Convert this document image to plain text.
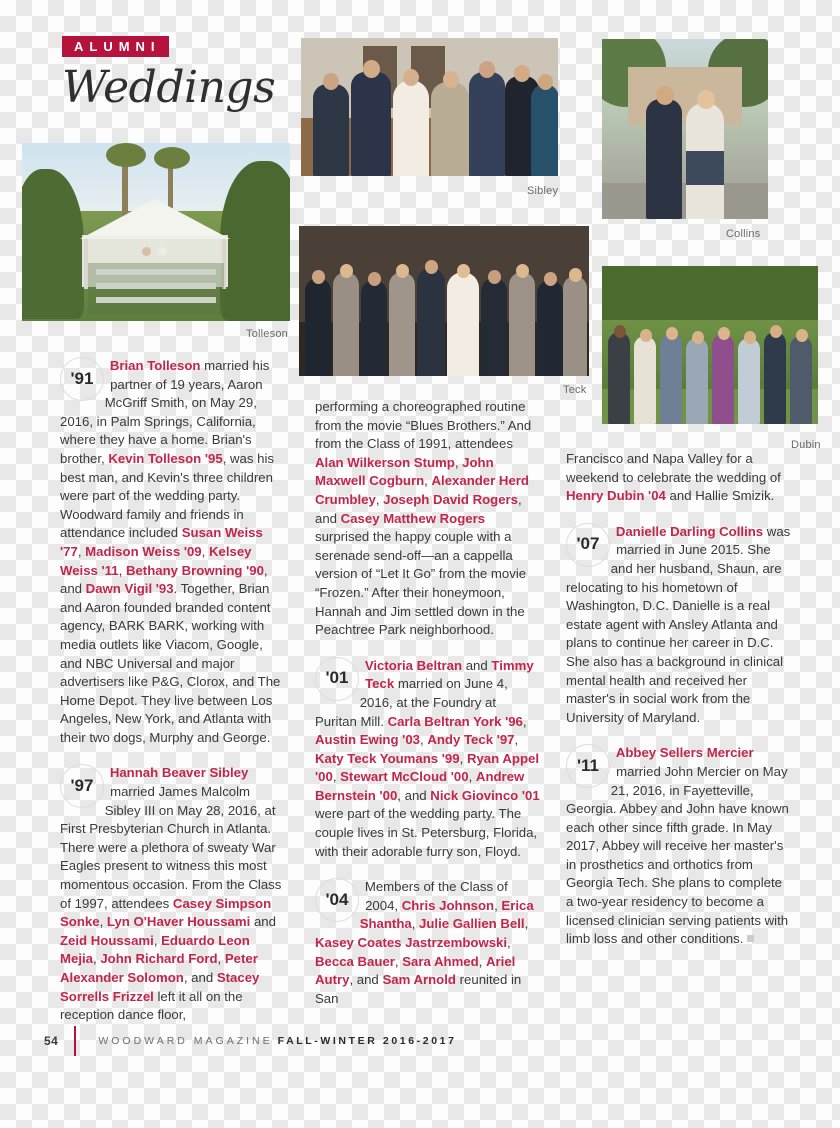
ALUMNI
Weddings
Tolleson
Sibley
Collins
Teck
Dubin
'91

Brian Tolleson married his partner of 19 years, Aaron McGriff Smith, on May 29, 2016, in Palm Springs, California, where they have a home. Brian's brother, Kevin Tolleson '95, was his best man, and Kevin's three children were part of the wedding party. Woodward family and friends in attendance included Susan Weiss '77, Madison Weiss '09, Kelsey Weiss '11, Bethany Browning '90, and Dawn Vigil '93. Together, Brian and Aaron founded branded content agency, BARK BARK, working with media outlets like Viacom, Google, and NBC Universal and major advertisers like P&G, Clorox, and The Home Depot. They live between Los Angeles, New York, and Atlanta with their two dogs, Murphy and George.

'97

Hannah Beaver Sibley married James Malcolm Sibley III on May 28, 2016, at First Presbyterian Church in Atlanta. There were a plethora of sweaty War Eagles present to witness this most momentous occasion. From the Class of 1997, attendees Casey Simpson Sonke, Lyn O'Haver Houssami and Zeid Houssami, Eduardo Leon Mejia, John Richard Ford, Peter Alexander Solomon, and Stacey Sorrells Frizzel left it all on the reception dance floor,

performing a choreographed routine from the movie “Blues Brothers.” And from the Class of 1991, attendees Alan Wilkerson Stump, John Maxwell Cogburn, Alexander Herd Crumbley, Joseph David Rogers, and Casey Matthew Rogers surprised the happy couple with a serenade send-off—an a cappella version of “Let It Go” from the movie “Frozen.” After their honeymoon, Hannah and Jim settled down in the Peachtree Park neighborhood.

'01

Victoria Beltran and Timmy Teck married on June 4, 2016, at the Foundry at Puritan Mill. Carla Beltran York '96, Austin Ewing '03, Andy Teck '97, Katy Teck Youmans '99, Ryan Appel '00, Stewart McCloud '00, Andrew Bernstein '00, and Nick Giovinco '01 were part of the wedding party. The couple lives in St. Petersburg, Florida, with their adorable furry son, Floyd.

'04

Members of the Class of 2004, Chris Johnson, Erica Shantha, Julie Gallien Bell, Kasey Coates Jastrzembowski, Becca Bauer, Sara Ahmed, Ariel Autry, and Sam Arnold reunited in San

Francisco and Napa Valley for a weekend to celebrate the wedding of Henry Dubin '04 and Hallie Smizik.

'07

Danielle Darling Collins was married in June 2015. She and her husband, Shaun, are relocating to his hometown of Washington, D.C. Danielle is a real estate agent with Ansley Atlanta and plans to continue her career in D.C. She also has a background in clinical mental health and received her master's in social work from the University of Maryland.

'11

Abbey Sellers Mercier married John Mercier on May 21, 2016, in Fayetteville, Georgia. Abbey and John have known each other since fifth grade. In May 2017, Abbey will receive her master's in prosthetics and orthotics from Georgia Tech. She plans to complete a two-year residency to become a licensed clinician serving patients with limb loss and other conditions.

54	WOODWARD MAGAZINE FALL-WINTER 2016-2017
